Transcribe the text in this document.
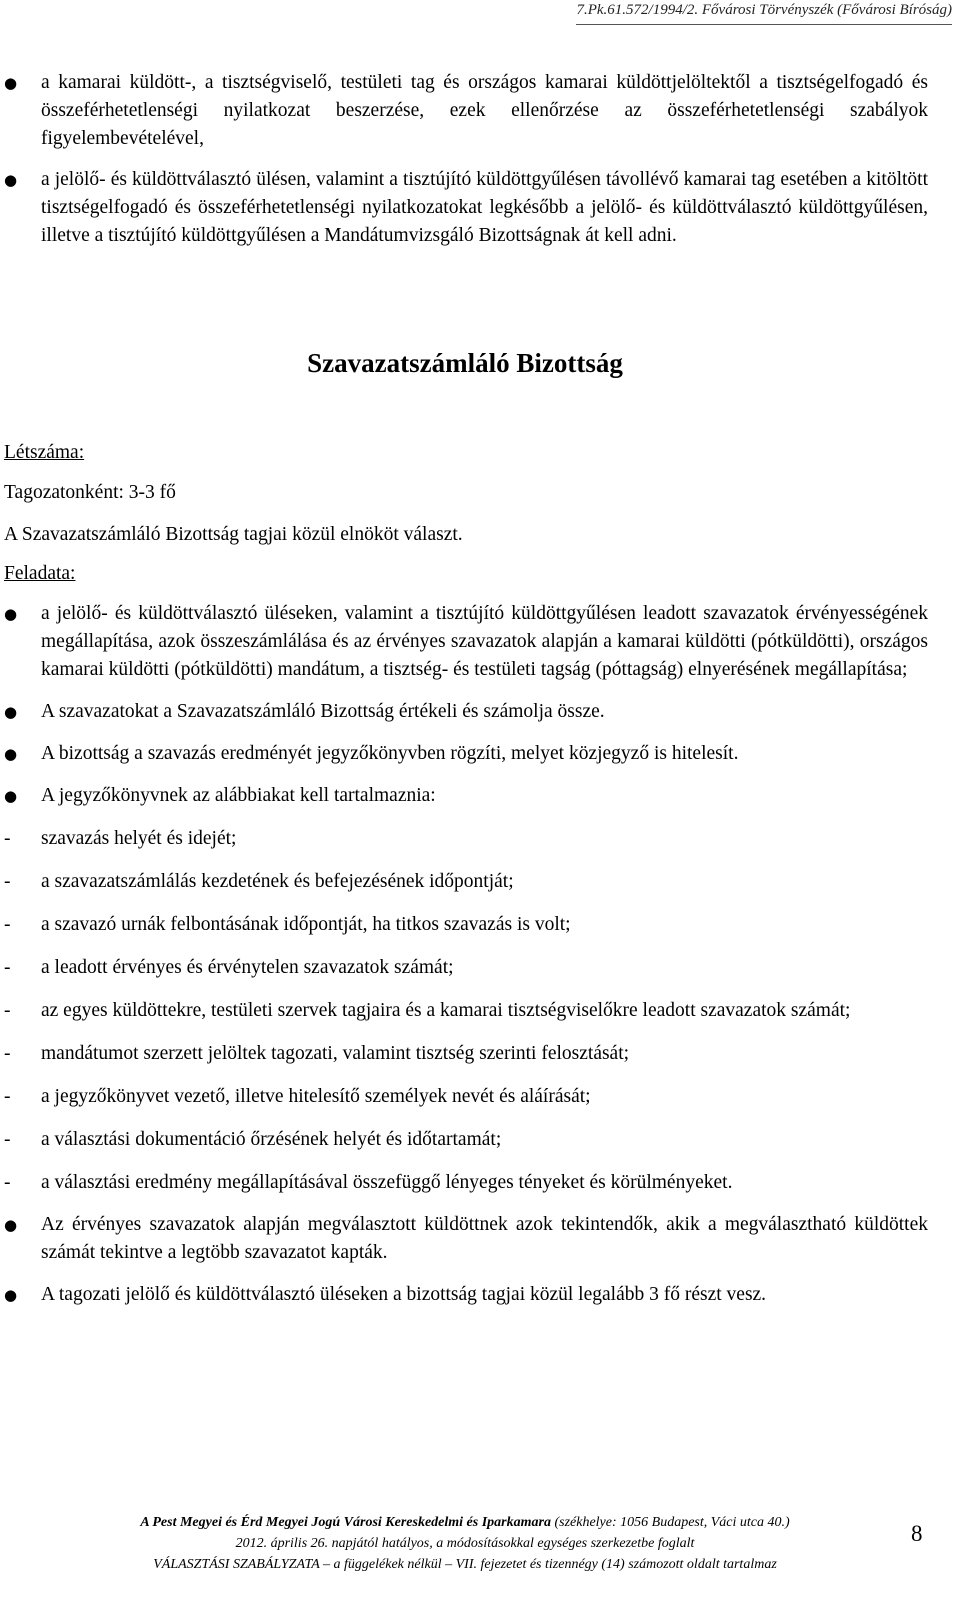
7.Pk.61.572/1994/2. Fővárosi Törvényszék (Fővárosi Bíróság)
● a kamarai küldött-, a tisztségviselő, testületi tag és országos kamarai küldöttjelöltektől a tisztségelfogadó és összeférhetetlenségi nyilatkozat beszerzése, ezek ellenőrzése az összeférhetetlenségi szabályok figyelembevételével,
● a jelölő- és küldöttválasztó ülésen, valamint a tisztújító küldöttgyűlésen távollévő kamarai tag esetében a kitöltött tisztségelfogadó és összeférhetetlenségi nyilatkozatokat legkésőbb a jelölő- és küldöttválasztó küldöttgyűlésen, illetve a tisztújító küldöttgyűlésen a Mandátumvizsgáló Bizottságnak át kell adni.
Szavazatszámláló Bizottság
Létszáma:
Tagozatonként: 3-3 fő
A Szavazatszámláló Bizottság tagjai közül elnököt választ.
Feladata:
● a jelölő- és küldöttválasztó üléseken, valamint a tisztújító küldöttgyűlésen leadott szavazatok érvényességének megállapítása, azok összeszámlálása és az érvényes szavazatok alapján a kamarai küldötti (pótküldötti), országos kamarai küldötti (pótküldötti) mandátum, a tisztség- és testületi tagság (póttagság) elnyerésének megállapítása;
● A szavazatokat a Szavazatszámláló Bizottság értékeli és számolja össze.
● A bizottság a szavazás eredményét jegyzőkönyvben rögzíti, melyet közjegyző is hitelesít.
● A jegyzőkönyvnek az alábbiakat kell tartalmaznia:
- szavazás helyét és idejét;
- a szavazatszámlálás kezdetének és befejezésének időpontját;
- a szavazó urnák felbontásának időpontját, ha titkos szavazás is volt;
- a leadott érvényes és érvénytelen szavazatok számát;
- az egyes küldöttekre, testületi szervek tagjaira és a kamarai tisztségviselőkre leadott szavazatok számát;
- mandátumot szerzett jelöltek tagozati, valamint tisztség szerinti felosztását;
- a jegyzőkönyvet vezető, illetve hitelesítő személyek nevét és aláírását;
- a választási dokumentáció őrzésének helyét és időtartamát;
- a választási eredmény megállapításával összefüggő lényeges tényeket és körülményeket.
● Az érvényes szavazatok alapján megválasztott küldöttnek azok tekintendők, akik a megválasztható küldöttek számát tekintve a legtöbb szavazatot kapták.
● A tagozati jelölő és küldöttválasztó üléseken a bizottság tagjai közül legalább 3 fő részt vesz.
A Pest Megyei és Érd Megyei Jogú Városi Kereskedelmi és Iparkamara (székhelye: 1056 Budapest, Váci utca 40.)
2012. április 26. napjától hatályos, a módosításokkal egységes szerkezetbe foglalt
VÁLASZTÁSI SZABÁLYZATA – a függelékek nélkül – VII. fejezetet és tizennégy (14) számozott oldalt tartalmaz
8
